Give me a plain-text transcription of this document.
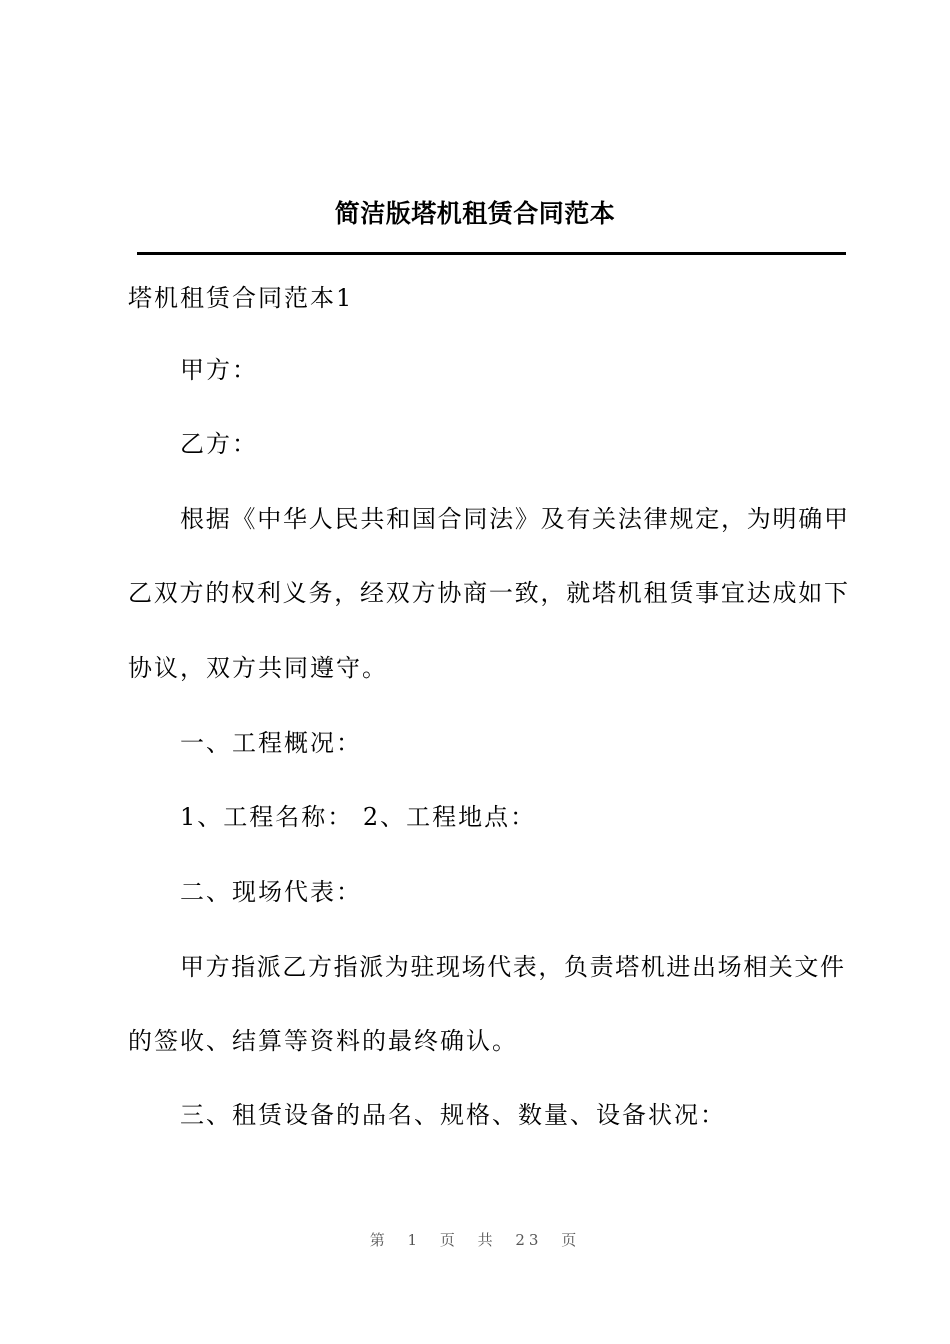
简洁版塔机租赁合同范本
塔机租赁合同范本1
甲方：
乙方：
根据《中华人民共和国合同法》及有关法律规定，为明确甲
乙双方的权利义务，经双方协商一致，就塔机租赁事宜达成如下
协议，双方共同遵守。
一、工程概况：
1、工程名称： 2、工程地点：
二、现场代表：
甲方指派乙方指派为驻现场代表，负责塔机进出场相关文件
的签收、结算等资料的最终确认。
三、租赁设备的品名、规格、数量、设备状况：
第 1 页 共 23 页
